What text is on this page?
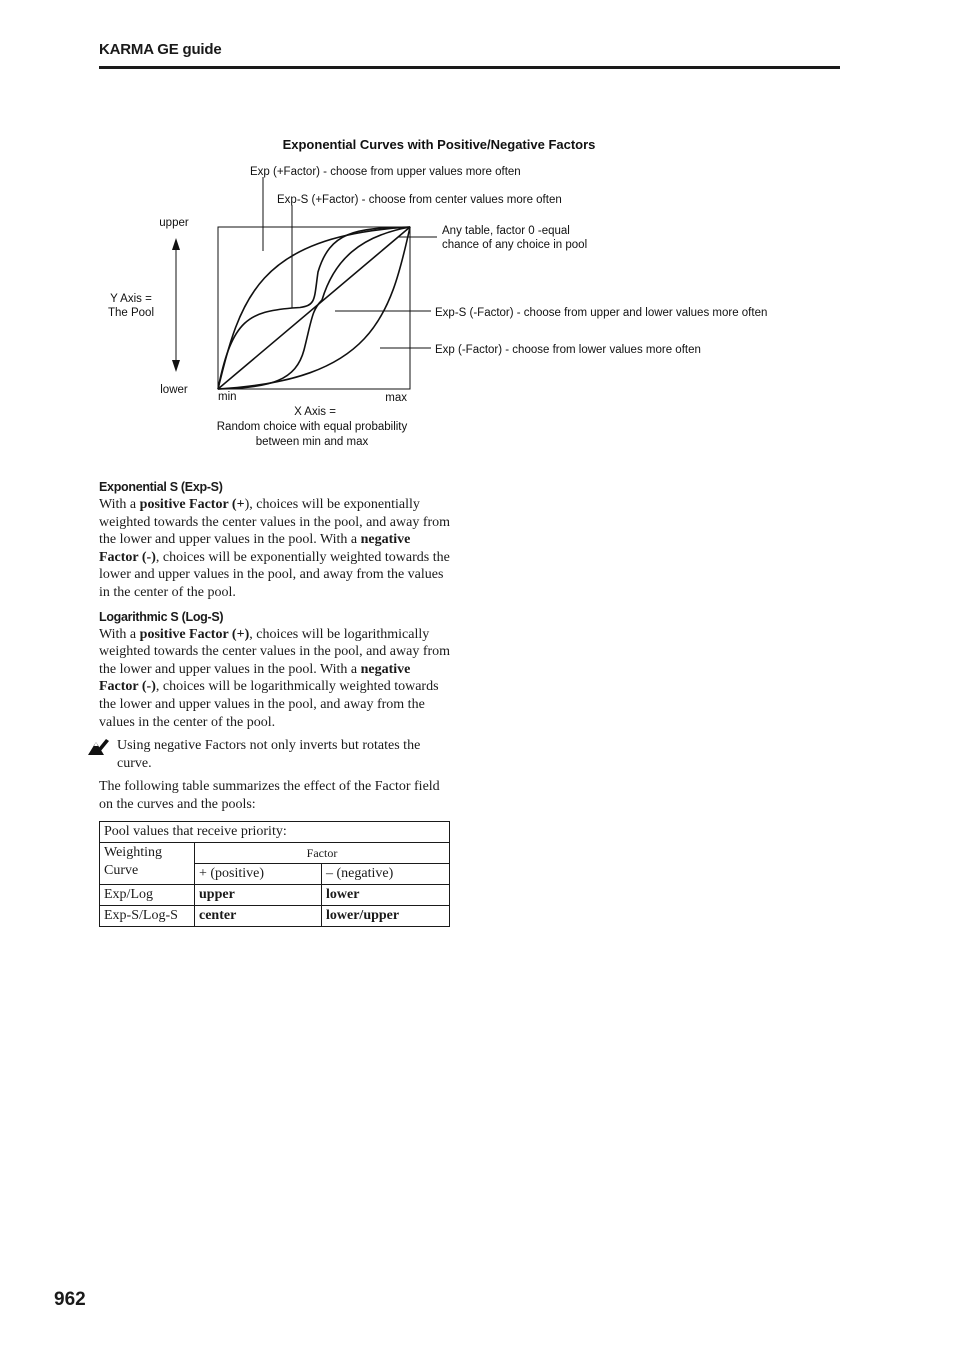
KARMA GE guide
Exponential Curves with Positive/Negative Factors
Exp (+Factor) - choose from upper values more often
Exp-S (+Factor) - choose from center values more often
Any table, factor 0 -equal
chance of any choice in pool
Exp-S (-Factor) - choose from upper and lower values more often
Exp (-Factor) - choose from lower values more often
upper
Y Axis =
The Pool
lower
min	max
X Axis =
Random choice with equal probability
between min and max
Exponential S (Exp-S)

With a positive Factor (+), choices will be exponentially weighted towards the center values in the pool, and away from the lower and upper values in the pool. With a negative Factor (-), choices will be exponentially weighted towards the lower and upper values in the pool, and away from the values in the center of the pool.

Logarithmic S (Log-S)

With a positive Factor (+), choices will be logarithmically weighted towards the center values in the pool, and away from the lower and upper values in the pool. With a negative Factor (-), choices will be logarithmically weighted towards the lower and upper values in the pool, and away from the values in the center of the pool.

Using negative Factors not only inverts but rotates the curve.

The following table summarizes the effect of the Factor field on the curves and the pools:

Pool values that receive priority:		
Weighting Curve	Factor	
	+ (positive)	– (negative)
Exp/Log	upper	lower
Exp-S/Log-S	center	lower/upper
962
